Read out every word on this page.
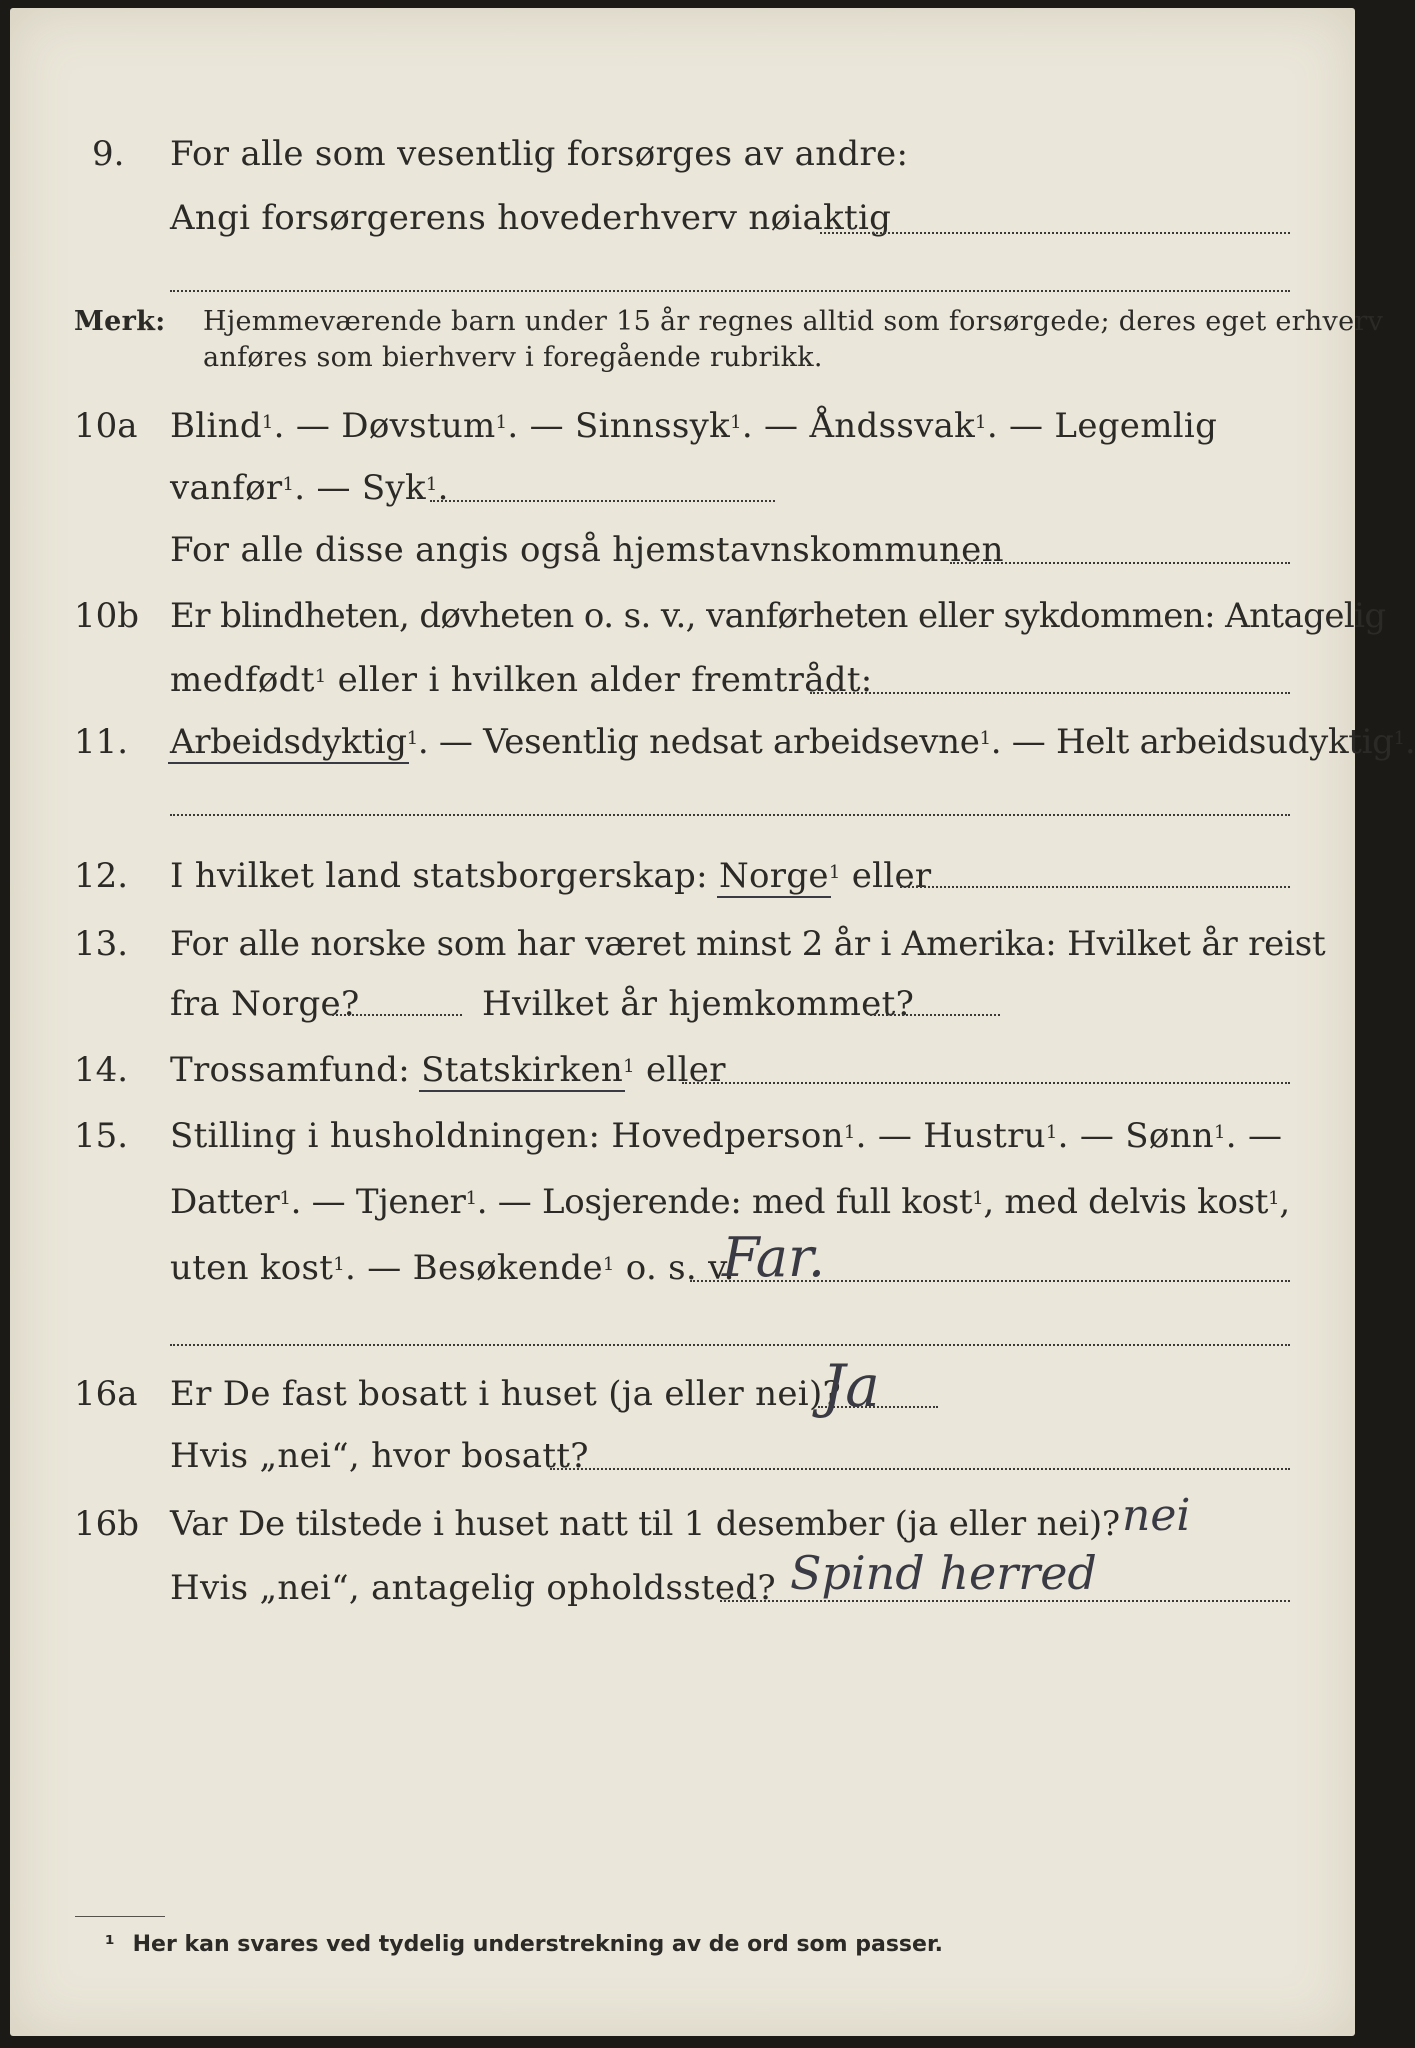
9. For alle som vesentlig forsørges av andre:
Angi forsørgerens hovederhverv nøiaktig
Merk: Hjemmeværende barn under 15 år regnes alltid som forsørgede; deres eget erhverv
anføres som bierhverv i foregående rubrikk.
10a Blind$^1$. — Døvstum$^1$. — Sinnssyk$^1$. — Åndssvak$^1$. — Legemlig
vanfør$^1$. — Syk$^1$.
For alle disse angis også hjemstavnskommunen
10b Er blindheten, døvheten o. s. v., vanførheten eller sykdommen: Antagelig
medfødt$^1$ eller i hvilken alder fremtrådt:
11. Arbeidsdyktig$^1$. — Vesentlig nedsat arbeidsevne$^1$. — Helt arbeidsudyktig$^1$.
12. I hvilket land statsborgerskap: Norge$^1$ eller
13. For alle norske som har været minst 2 år i Amerika: Hvilket år reist
fra Norge?	Hvilket år hjemkommet?
14. Trossamfund: Statskirken$^1$ eller
15. Stilling i husholdningen: Hovedperson$^1$. — Hustru$^1$. — Sønn$^1$. —
Datter$^1$. — Tjener$^1$. — Losjerende: med full kost$^1$, med delvis kost$^1$,
uten kost$^1$. — Besøkende$^1$ o. s. v.
Far.
16a Er De fast bosatt i huset (ja eller nei)?
Ja
Hvis „nei“, hvor bosatt?
16b Var De tilstede i huset natt til 1 desember (ja eller nei)? nei
Hvis „nei“, antagelig opholdssted? Spind herred
¹ Her kan svares ved tydelig understrekning av de ord som passer.
